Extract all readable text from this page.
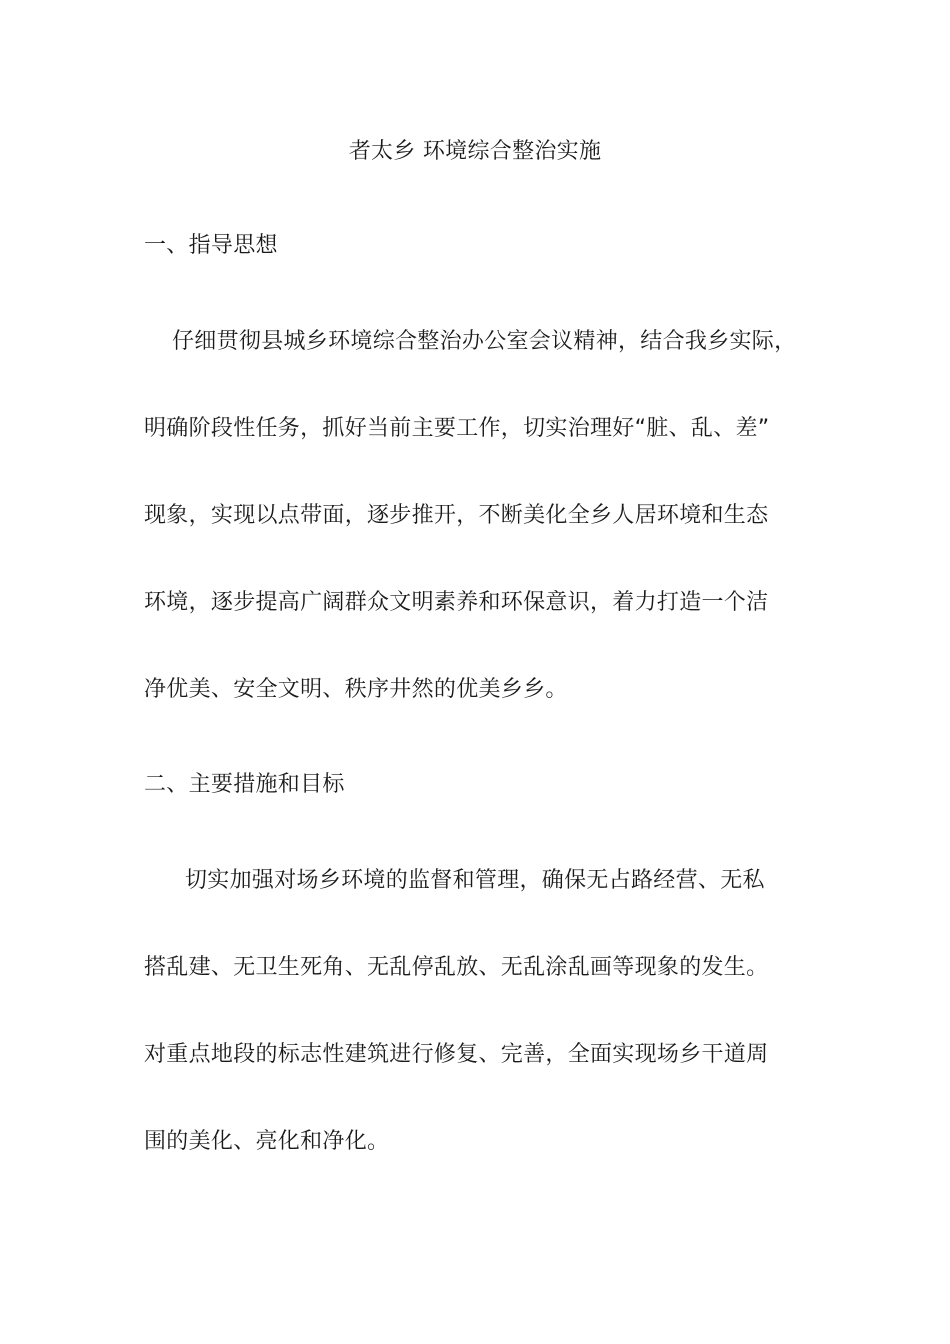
者太乡 环境综合整治实施
一、指导思想
仔细贯彻县城乡环境综合整治办公室会议精神，结合我乡实际，
明确阶段性任务，抓好当前主要工作，切实治理好“脏、乱、差”
现象，实现以点带面，逐步推开，不断美化全乡人居环境和生态
环境，逐步提高广阔群众文明素养和环保意识，着力打造一个洁
净优美、安全文明、秩序井然的优美乡乡。
二、主要措施和目标
切实加强对场乡环境的监督和管理，确保无占路经营、无私
搭乱建、无卫生死角、无乱停乱放、无乱涂乱画等现象的发生。
对重点地段的标志性建筑进行修复、完善，全面实现场乡干道周
围的美化、亮化和净化。
